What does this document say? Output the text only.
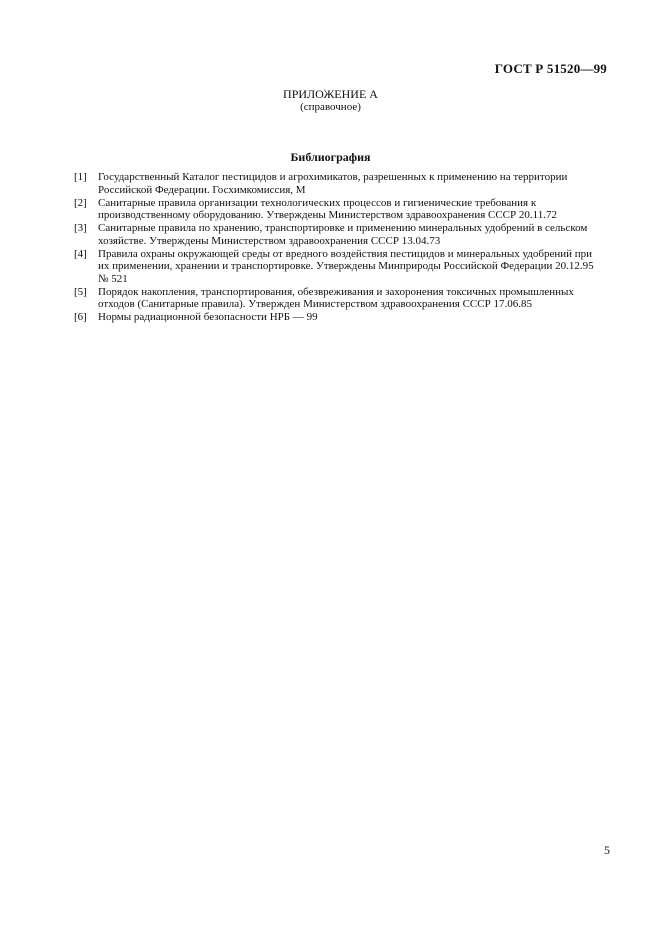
ГОСТ Р 51520—99
ПРИЛОЖЕНИЕ А
(справочное)
Библиография
[1]	Государственный Каталог пестицидов и агрохимикатов, разрешенных к применению на территории Российской Федерации. Госхимкомиссия, М
[2]	Санитарные правила организации технологических процессов и гигиенические требования к производственному оборудованию. Утверждены Министерством здравоохранения СССР 20.11.72
[3]	Санитарные правила по хранению, транспортировке и применению минеральных удобрений в сельском хозяйстве. Утверждены Министерством здравоохранения СССР 13.04.73
[4]	Правила охраны окружающей среды от вредного воздействия пестицидов и минеральных удобрений при их применении, хранении и транспортировке. Утверждены Минприроды Российской Федерации 20.12.95 № 521
[5]	Порядок накопления, транспортирования, обезвреживания и захоронения токсичных промышленных отходов (Санитарные правила). Утвержден Министерством здравоохранения СССР 17.06.85
[6]	Нормы радиационной безопасности НРБ — 99
5
